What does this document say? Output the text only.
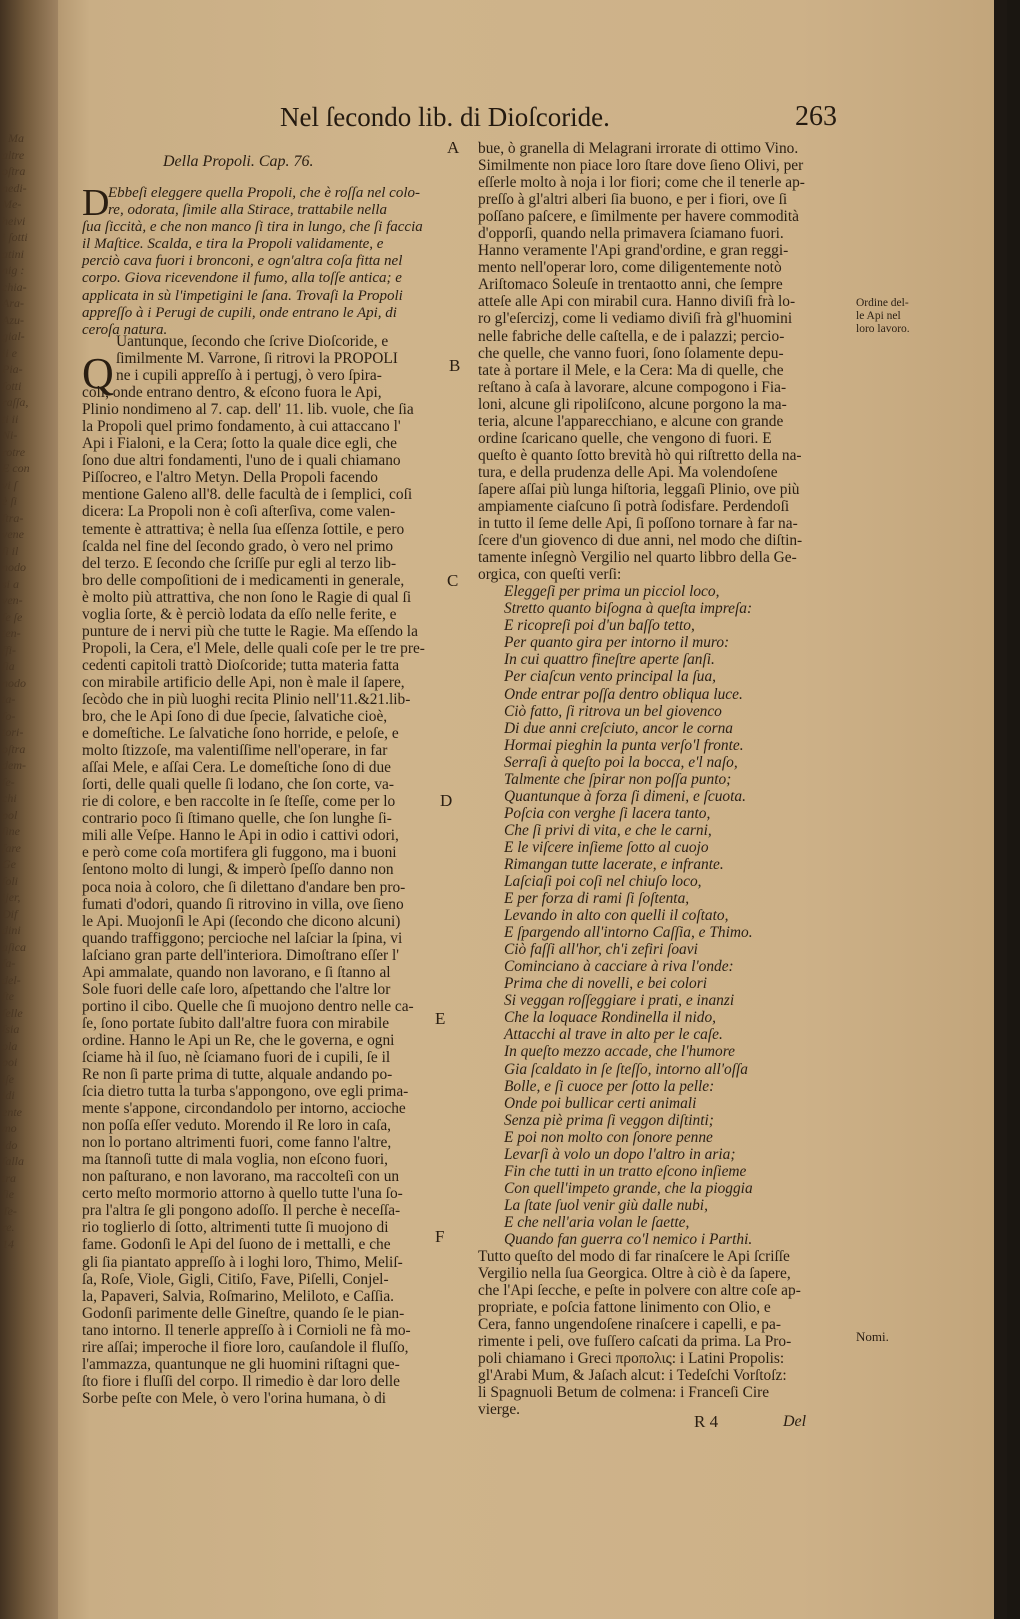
. Ma
altre
oſtra
nedi-
Me-
heivi
i ſotti
atini
nig :
chia-
Ara-
Azu-
gial-
ii e
Pia-
ſotti
raſſa,
ti ii
Ni-
rotre
E con
vi ſ
è ſi
ſtra-
vene
ſi il
nodo
si a
ven-
ſe ſe
ten-
ffi-
ſia
nodo
ta-
ſo-
tori-
oſtra
dem-
ſe-
chi
pol
ſine
fare
Ge
ſoli
ijer,
Dif
dini
aſica
fa-
del-
ſte
ſelle
ſsia
ola
poi
iſe
idi
ente
mo
ido
ſalla
tra
fie
Te-
re.
14
Nel ſecondo lib. di Dioſcoride.	263
Della Propoli. Cap. 76.
D
Ebbeſi eleggere quella Propoli, che è roſſa nel colo-
re, odorata, ſimile alla Stirace, trattabile nella
ſua ſiccità, e che non manco ſi tira in lungo, che ſi faccia
il Maſtice. Scalda, e tira la Propoli validamente, e
perciò cava fuori i bronconi, e ogn'altra coſa fitta nel
corpo. Giova ricevendone il fumo, alla toſſe antica; e
applicata in sù l'impetigini le ſana. Trovaſi la Propoli
appreſſo à i Perugi de cupili, onde entrano le Api, di
ceroſa natura.
Q
Uantunque, ſecondo che ſcrive Dioſcoride, e
ſimilmente M. Varrone, ſi ritrovi la PROPOLI
ne i cupili appreſſo à i pertugj, ò vero ſpira-
coli, onde entrano dentro, & eſcono fuora le Api,
Plinio nondimeno al 7. cap. dell' 11. lib. vuole, che ſia
la Propoli quel primo fondamento, à cui attaccano l'
Api i Fialoni, e la Cera; ſotto la quale dice egli, che
ſono due altri fondamenti, l'uno de i quali chiamano
Piſſocreo, e l'altro Metyn. Della Propoli facendo
mentione Galeno all'8. delle facultà de i ſemplici, coſi
dicera: La Propoli non è coſi aſterſiva, come valen-
temente è attrattiva; è nella ſua eſſenza ſottile, e pero
ſcalda nel fine del ſecondo grado, ò vero nel primo
del terzo. E ſecondo che ſcriſſe pur egli al terzo lib-
bro delle compoſitioni de i medicamenti in generale,
è molto più attrattiva, che non ſono le Ragie di qual ſi
voglia ſorte, & è perciò lodata da eſſo nelle ferite, e
punture de i nervi più che tutte le Ragie. Ma eſſendo la
Propoli, la Cera, e'l Mele, delle quali coſe per le tre pre-
cedenti capitoli trattò Dioſcoride; tutta materia fatta
con mirabile artificio delle Api, non è male il ſapere,
ſecòdo che in più luoghi recita Plinio nell'11.&21.lib-
bro, che le Api ſono di due ſpecie, ſalvatiche cioè,
e domeſtiche. Le ſalvatiche ſono horride, e peloſe, e
molto ſtizzoſe, ma valentiſſime nell'operare, in far
aſſai Mele, e aſſai Cera. Le domeſtiche ſono di due
ſorti, delle quali quelle ſi lodano, che ſon corte, va-
rie di colore, e ben raccolte in ſe ſteſſe, come per lo
contrario poco ſi ſtimano quelle, che ſon lunghe ſi-
mili alle Veſpe. Hanno le Api in odio i cattivi odori,
e però come coſa mortifera gli fuggono, ma i buoni
ſentono molto di lungi, & imperò ſpeſſo danno non
poca noia à coloro, che ſi dilettano d'andare ben pro-
fumati d'odori, quando ſi ritrovino in villa, ove ſieno
le Api. Muojonſi le Api (ſecondo che dicono alcuni)
quando traffiggono; percioche nel laſciar la ſpina, vi
laſciano gran parte dell'interiora. Dimoſtrano eſſer l'
Api ammalate, quando non lavorano, e ſi ſtanno al
Sole fuori delle caſe loro, aſpettando che l'altre lor
portino il cibo. Quelle che ſi muojono dentro nelle ca-
ſe, ſono portate ſubito dall'altre fuora con mirabile
ordine. Hanno le Api un Re, che le governa, e ogni
ſciame hà il ſuo, nè ſciamano fuori de i cupili, ſe il
Re non ſi parte prima di tutte, alquale andando po-
ſcia dietro tutta la turba s'appongono, ove egli prima-
mente s'appone, circondandolo per intorno, accioche
non poſſa eſſer veduto. Morendo il Re loro in caſa,
non lo portano altrimenti fuori, come fanno l'altre,
ma ſtannoſi tutte di mala voglia, non eſcono fuori,
non paſturano, e non lavorano, ma raccolteſi con un
certo meſto mormorio attorno à quello tutte l'una ſo-
pra l'altra ſe gli pongono adoſſo. Il perche è neceſſa-
rio toglierlo di ſotto, altrimenti tutte ſi muojono di
fame. Godonſi le Api del ſuono de i mettalli, e che
gli ſia piantato appreſſo à i loghi loro, Thimo, Meliſ-
ſa, Roſe, Viole, Gigli, Citiſo, Fave, Piſelli, Conjel-
la, Papaveri, Salvia, Roſmarino, Meliloto, e Caſſia.
Godonſi parimente delle Gineſtre, quando ſe le pian-
tano intorno. Il tenerle appreſſo à i Cornioli ne fà mo-
rire aſſai; imperoche il fiore loro, cauſandole il fluſſo,
l'ammazza, quantunque ne gli huomini riſtagni que-
ſto fiore i fluſſi del corpo. Il rimedio è dar loro delle
Sorbe peſte con Mele, ò vero l'orina humana, ò di
bue, ò granella di Melagrani irrorate di ottimo Vino.
Similmente non piace loro ſtare dove ſieno Olivi, per
eſſerle molto à noja i lor fiori; come che il tenerle ap-
preſſo à gl'altri alberi ſia buono, e per i fiori, ove ſi
poſſano paſcere, e ſimilmente per havere commodità
d'opporſi, quando nella primavera ſciamano fuori.
Hanno veramente l'Api grand'ordine, e gran reggi-
mento nell'operar loro, come diligentemente notò
Ariſtomaco Soleuſe in trentaotto anni, che ſempre
atteſe alle Api con mirabil cura. Hanno diviſi frà lo-
ro gl'eſercizj, come li vediamo diviſi frà gl'huomini
nelle fabriche delle caſtella, e de i palazzi; percio-
che quelle, che vanno fuori, ſono ſolamente depu-
tate à portare il Mele, e la Cera: Ma di quelle, che
reſtano à caſa à lavorare, alcune compogono i Fia-
loni, alcune gli ripoliſcono, alcune porgono la ma-
teria, alcune l'apparecchiano, e alcune con grande
ordine ſcaricano quelle, che vengono di fuori. E
queſto è quanto ſotto brevità hò qui riſtretto della na-
tura, e della prudenza delle Api. Ma volendoſene
ſapere aſſai più lunga hiſtoria, leggaſi Plinio, ove più
ampiamente ciaſcuno ſi potrà ſodisfare. Perdendoſi
in tutto il ſeme delle Api, ſi poſſono tornare à far na-
ſcere d'un giovenco di due anni, nel modo che diſtin-
tamente inſegnò Vergilio nel quarto libbro della Ge-
orgica, con queſti verſi:
Eleggeſi per prima un picciol loco,
Stretto quanto biſogna à queſta impreſa:
E ricopreſi poi d'un baſſo tetto,
Per quanto gira per intorno il muro:
In cui quattro fineſtre aperte ſanſi.
Per ciaſcun vento principal la ſua,
Onde entrar poſſa dentro obliqua luce.
Ciò fatto, ſi ritrova un bel giovenco
Di due anni creſciuto, ancor le corna
Hormai pieghin la punta verſo'l fronte.
Serraſi à queſto poi la bocca, e'l naſo,
Talmente che ſpirar non poſſa punto;
Quantunque à forza ſi dimeni, e ſcuota.
Poſcia con verghe ſi lacera tanto,
Che ſi privi di vita, e che le carni,
E le viſcere inſieme ſotto al cuojo
Rimangan tutte lacerate, e infrante.
Laſciaſi poi coſi nel chiuſo loco,
E per forza di rami ſi ſoſtenta,
Levando in alto con quelli il coſtato,
E ſpargendo all'intorno Caſſia, e Thimo.
Ciò faſſi all'hor, ch'i zefiri ſoavi
Cominciano à cacciare à riva l'onde:
Prima che di novelli, e bei colori
Si veggan roſſeggiare i prati, e inanzi
Che la loquace Rondinella il nido,
Attacchi al trave in alto per le caſe.
In queſto mezzo accade, che l'humore
Gia ſcaldato in ſe ſteſſo, intorno all'oſſa
Bolle, e ſi cuoce per ſotto la pelle:
Onde poi bullicar certi animali
Senza piè prima ſi veggon diſtinti;
E poi non molto con ſonore penne
Levarſi à volo un dopo l'altro in aria;
Fin che tutti in un tratto eſcono inſieme
Con quell'impeto grande, che la pioggia
La ſtate ſuol venir giù dalle nubi,
E che nell'aria volan le ſaette,
Quando fan guerra co'l nemico i Parthi.
Tutto queſto del modo di far rinaſcere le Api ſcriſſe
Vergilio nella ſua Georgica. Oltre à ciò è da ſapere,
che l'Api ſecche, e peſte in polvere con altre coſe ap-
propriate, e poſcia fattone linimento con Olio, e
Cera, fanno ungendoſene rinaſcere i capelli, e pa-
rimente i peli, ove fuſſero caſcati da prima. La Pro-
poli chiamano i Greci προπολις: i Latini Propolis:
gl'Arabi Mum, & Jaſach alcut: i Tedeſchi Vorſtoſz:
li Spagnuoli Betum de colmena: i Franceſi Cire
vierge.
A
B
C
D
E
F
Ordine del-
le Api nel
loro lavoro.
Nomi.
R 4	Del
